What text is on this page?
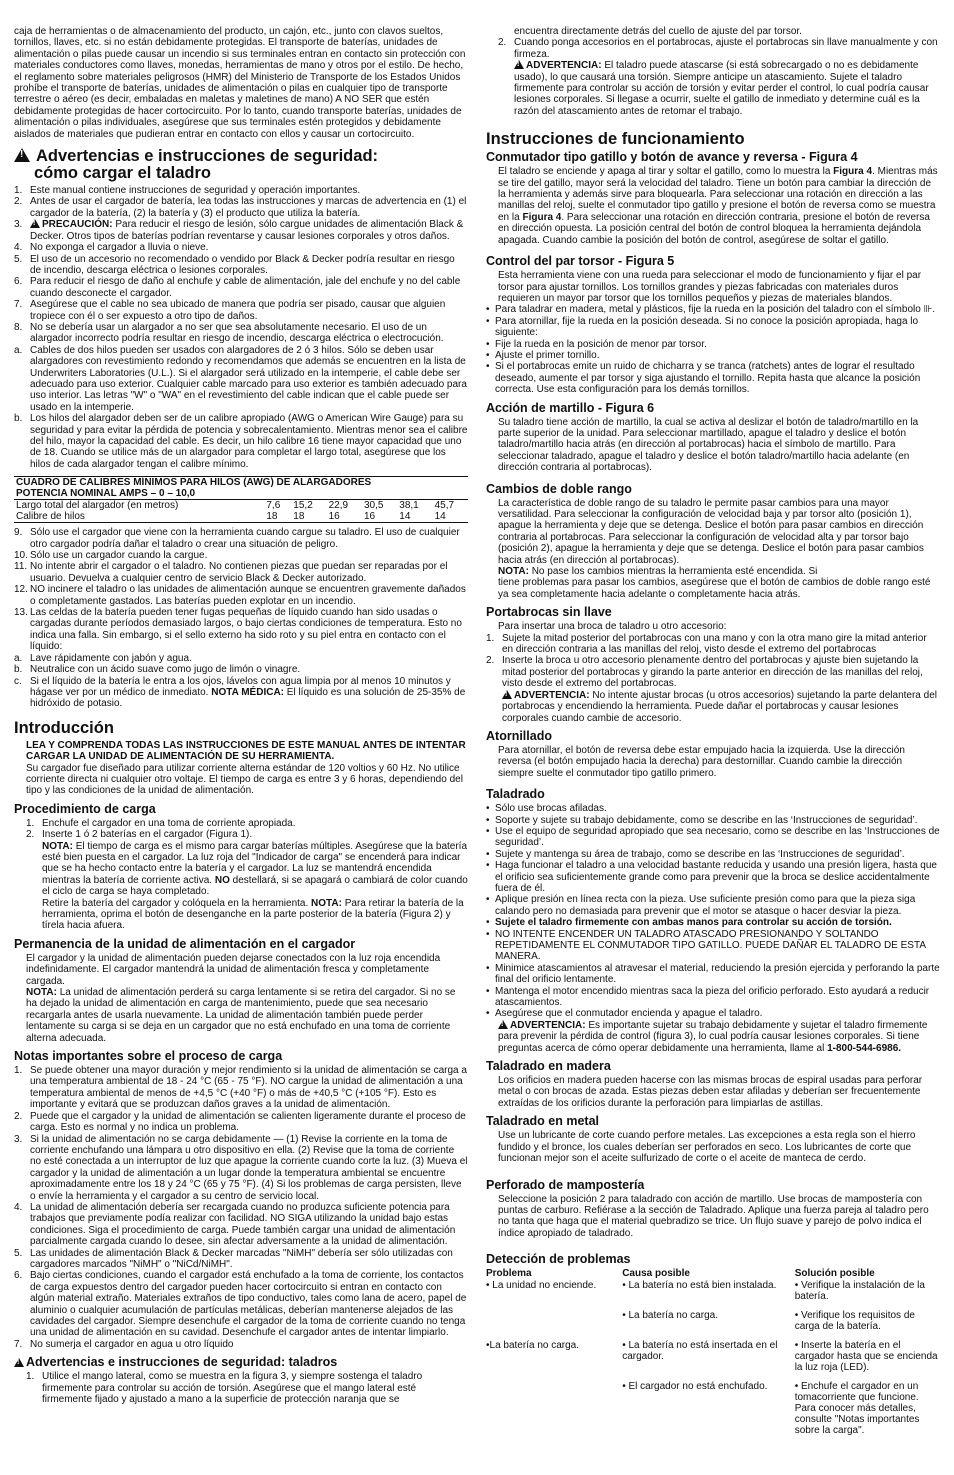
caja de herramientas o de almacenamiento del producto, un cajón, etc., junto con clavos sueltos, tornillos, llaves, etc. si no están debidamente protegidas. El transporte de baterías, unidades de alimentación o pilas puede causar un incendio si sus terminales entran en contacto sin protección con materiales conductores como llaves, monedas, herramientas de mano y otros por el estilo. De hecho, el reglamento sobre materiales peligrosos (HMR) del Ministerio de Transporte de los Estados Unidos prohíbe el transporte de baterías, unidades de alimentación o pilas en cualquier tipo de transporte terrestre o aéreo (es decir, embaladas en maletas y maletines de mano) A NO SER que estén debidamente protegidas de hacer cortocircuito. Por lo tanto, cuando transporte baterías, unidades de alimentación o pilas individuales, asegúrese que sus terminales estén protegidos y debidamente aislados de materiales que pudieran entrar en contacto con ellos y causar un cortocircuito.

! Advertencias e instrucciones de seguridad:
cómo cargar el taladro
1. Este manual contiene instrucciones de seguridad y operación importantes.
2. Antes de usar el cargador de batería, lea todas las instrucciones y marcas de advertencia en (1) el cargador de la batería, (2) la batería y (3) el producto que utiliza la batería.
3. !	PRECAUCIÓN: Para reducir el riesgo de lesión, sólo cargue unidades de alimentación Black & Decker. Otros tipos de baterías podrían reventarse y causar lesiones corporales y otros daños.
4. No exponga el cargador a lluvia o nieve.
5. El uso de un accesorio no recomendado o vendido por Black & Decker podría resultar en riesgo de incendio, descarga eléctrica o lesiones corporales.
6. Para reducir el riesgo de daño al enchufe y cable de alimentación, jale del enchufe y no del cable cuando desconecte el cargador.
7. Asegúrese que el cable no sea ubicado de manera que podría ser pisado, causar que alguien tropiece con él o ser expuesto a otro tipo de daños.
8. No se debería usar un alargador a no ser que sea absolutamente necesario. El uso de un alargador incorrecto podría resultar en riesgo de incendio, descarga eléctrica o electrocución.
a. Cables de dos hilos pueden ser usados con alargadores de 2 ó 3 hilos. Sólo se deben usar alargadores con revestimiento redondo y recomendamos que además se encuentren en la lista de Underwriters Laboratories (U.L.). Si el alargador será utilizado en la intemperie, el cable debe ser adecuado para uso exterior. Cualquier cable marcado para uso exterior es también adecuado para uso interior. Las letras "W" o "WA" en el revestimiento del cable indican que el cable puede ser usado en la intemperie.
b. Los hilos del alargador deben ser de un calibre apropiado (AWG o American Wire Gauge) para su seguridad y para evitar la pérdida de potencia y sobrecalentamiento. Mientras menor sea el calibre del hilo, mayor la capacidad del cable. Es decir, un hilo calibre 16 tiene mayor capacidad que uno de 18. Cuando se utilice más de un alargador para completar el largo total, asegúrese que los hilos de cada alargador tengan el calibre mínimo.
CUADRO DE CALIBRES MÍNIMOS PARA HILOS (AWG) DE ALARGADORES						
POTENCIA NOMINAL AMPS – 0 – 10,0						
Largo total del alargador (en metros)	7,6	15,2	22,9	30,5	38,1	45,7
Calibre de hilos	18	18	16	16	14	14
9. Sólo use el cargador que viene con la herramienta cuando cargue su taladro. El uso de cualquier otro cargador podría dañar el taladro o crear una situación de peligro.
10. Sólo use un cargador cuando la cargue.
11. No intente abrir el cargador o el taladro. No contienen piezas que puedan ser reparadas por el usuario. Devuelva a cualquier centro de servicio Black & Decker autorizado.
12. NO incinere el taladro o las unidades de alimentación aunque se encuentren gravemente dañados o completamente gastados. Las baterías pueden explotar en un incendio.
13. Las celdas de la batería pueden tener fugas pequeñas de líquido cuando han sido usadas o cargadas durante períodos demasiado largos, o bajo ciertas condiciones de temperatura. Esto no indica una falla. Sin embargo, si el sello externo ha sido roto y su piel entra en contacto con el líquido:
a. Lave rápidamente con jabón y agua.
b. Neutralice con un ácido suave como jugo de limón o vinagre.
c. Si el líquido de la batería le entra a los ojos, lávelos con agua limpia por al menos 10 minutos y hágase ver por un médico de inmediato. NOTA MÉDICA: El líquido es una solución de 25-35% de hidróxido de potasio.
Introducción

LEA Y COMPRENDA TODAS LAS INSTRUCCIONES DE ESTE MANUAL ANTES DE INTENTAR CARGAR LA UNIDAD DE ALIMENTACIÓN DE SU HERRAMIENTA.

Su cargador fue diseñado para utilizar corriente alterna estándar de 120 voltios y 60 Hz. No utilice corriente directa ni cualquier otro voltaje. El tiempo de carga es entre 3 y 6 horas, dependiendo del tipo y las condiciones de la unidad de alimentación.

Procedimiento de carga
1. Enchufe el cargador en una toma de corriente apropiada.
2. Inserte 1 ó 2 baterías en el cargador (Figura 1).
NOTA: El tiempo de carga es el mismo para cargar baterías múltiples. Asegúrese que la batería esté bien puesta en el cargador. La luz roja del "Indicador de carga" se encenderá para indicar que se ha hecho contacto entre la batería y el cargador. La luz se mantendrá encendida mientras la batería de corriente activa. NO destellará, si se apagará o cambiará de color cuando el ciclo de carga se haya completado.
Retire la batería del cargador y colóquela en la herramienta. NOTA: Para retirar la batería de la herramienta, oprima el botón de desenganche en la parte posterior de la batería (Figura 2) y tírela hacia afuera.
Permanencia de la unidad de alimentación en el cargador

El cargador y la unidad de alimentación pueden dejarse conectados con la luz roja encendida indefinidamente. El cargador mantendrá la unidad de alimentación fresca y completamente cargada.

NOTA: La unidad de alimentación perderá su carga lentamente si se retira del cargador. Si no se ha dejado la unidad de alimentación en carga de mantenimiento, puede que sea necesario recargarla antes de usarla nuevamente. La unidad de alimentación también puede perder lentamente su carga si se deja en un cargador que no está enchufado en una toma de corriente alterna adecuada.

Notas importantes sobre el proceso de carga
1. Se puede obtener una mayor duración y mejor rendimiento si la unidad de alimentación se carga a una temperatura ambiental de 18 - 24 °C (65 - 75 °F). NO cargue la unidad de alimentación a una temperatura ambiental de menos de +4,5 °C (+40 °F) o más de +40,5 °C (+105 °F). Esto es importante y evitará que se produzcan daños graves a la unidad de alimentación.
2. Puede que el cargador y la unidad de alimentación se calienten ligeramente durante el proceso de carga. Esto es normal y no indica un problema.
3. Si la unidad de alimentación no se carga debidamente — (1) Revise la corriente en la toma de corriente enchufando una lámpara u otro dispositivo en ella. (2) Revise que la toma de corriente no esté conectada a un interruptor de luz que apague la corriente cuando corte la luz. (3) Mueva el cargador y la unidad de alimentación a un lugar donde la temperatura ambiental se encuentre aproximadamente entre los 18 y 24 °C (65 y 75 °F). (4) Si los problemas de carga persisten, lleve o envíe la herramienta y el cargador a su centro de servicio local.
4. La unidad de alimentación debería ser recargada cuando no produzca suficiente potencia para trabajos que previamente podía realizar con facilidad. NO SIGA utilizando la unidad bajo estas condiciones. Siga el procedimiento de carga. Puede también cargar una unidad de alimentación parcialmente cargada cuando lo desee, sin afectar adversamente a la unidad de alimentación.
5. Las unidades de alimentación Black & Decker marcadas "NiMH" debería ser sólo utilizadas con cargadores marcados "NiMH" o "NiCd/NiMH".
6. Bajo ciertas condiciones, cuando el cargador está enchufado a la toma de corriente, los contactos de carga expuestos dentro del cargador pueden hacer cortocircuito si entran en contacto con algún material extraño. Materiales extraños de tipo conductivo, tales como lana de acero, papel de aluminio o cualquier acumulación de partículas metálicas, deberían mantenerse alejados de las cavidades del cargador. Siempre desenchufe el cargador de la toma de corriente cuando no tenga una unidad de alimentación en su cavidad. Desenchufe el cargador antes de intentar limpiarlo.
7. No sumerja el cargador en agua u otro líquido
!Advertencias e instrucciones de seguridad: taladros
1. Utilice el mango lateral, como se muestra en la figura 3, y siempre sostenga el taladro firmemente para controlar su acción de torsión. Asegúrese que el mango lateral esté firmemente fijado y ajustado a mano a la superficie de protección naranja que se

encuentra directamente detrás del cuello de ajuste del par torsor.

2. Cuando ponga accesorios en el portabrocas, ajuste el portabrocas sin llave manualmente y con firmeza.
!ADVERTENCIA: El taladro puede atascarse (si está sobrecargado o no es debidamente usado), lo que causará una torsión. Siempre anticipe un atascamiento. Sujete el taladro firmemente para controlar su acción de torsión y evitar perder el control, lo cual podría causar lesiones corporales. Si llegase a ocurrir, suelte el gatillo de inmediato y determine cuál es la razón del atascamiento antes de retomar el trabajo.
Instrucciones de funcionamiento
Conmutador tipo gatillo y botón de avance y reversa - Figura 4

El taladro se enciende y apaga al tirar y soltar el gatillo, como lo muestra la Figura 4. Mientras más se tire del gatillo, mayor será la velocidad del taladro. Tiene un botón para cambiar la dirección de la herramienta y además sirve para bloquearla. Para seleccionar una rotación en dirección a las manillas del reloj, suelte el conmutador tipo gatillo y presione el botón de reversa como se muestra en la Figura 4. Para seleccionar una rotación en dirección contraria, presione el botón de reversa en dirección opuesta. La posición central del botón de control bloquea la herramienta dejándola apagada. Cuando cambie la posición del botón de control, asegúrese de soltar el gatillo.

Control del par torsor - Figura 5

Esta herramienta viene con una rueda para seleccionar el modo de funcionamiento y fijar el par torsor para ajustar tornillos. Los tornillos grandes y piezas fabricadas con materiales duros requieren un mayor par torsor que los tornillos pequeños y piezas de materiales blandos.

• Para taladrar en madera, metal y plásticos, fije la rueda en la posición del taladro con el símbolo ⊪.
• Para atornillar, fije la rueda en la posición deseada. Si no conoce la posición apropiada, haga lo siguiente:
• Fije la rueda en la posición de menor par torsor.
• Ajuste el primer tornillo.
• Si el portabrocas emite un ruido de chicharra y se tranca (ratchets) antes de lograr el resultado deseado, aumente el par torsor y siga ajustando el tornillo. Repita hasta que alcance la posición correcta. Use esta configuración para los demás tornillos.
Acción de martillo - Figura 6

Su taladro tiene acción de martillo, la cual se activa al deslizar el botón de taladro/martillo en la parte superior de la unidad. Para seleccionar martillado, apague el taladro y deslice el botón taladro/martillo hacia atrás (en dirección al portabrocas) hacia el símbolo de martillo. Para seleccionar taladrado, apague el taladro y deslice el botón taladro/martillo hacia adelante (en dirección contraria al portabrocas).

Cambios de doble rango

La característica de doble rango de su taladro le permite pasar cambios para una mayor versatilidad. Para seleccionar la configuración de velocidad baja y par torsor alto (posición 1), apague la herramienta y deje que se detenga. Deslice el botón para pasar cambios en dirección contraria al portabrocas. Para seleccionar la configuración de velocidad alta y par torsor bajo (posición 2), apague la herramienta y deje que se detenga. Deslice el botón para pasar cambios hacia atrás (en dirección al portabrocas).
NOTA: No pase los cambios mientras la herramienta esté encendida. Si
tiene problemas para pasar los cambios, asegúrese que el botón de cambios de doble rango esté ya sea completamente hacia adelante o completamente hacia atrás.

Portabrocas sin llave

Para insertar una broca de taladro u otro accesorio:

1. Sujete la mitad posterior del portabrocas con una mano y con la otra mano gire la mitad anterior en dirección contraria a las manillas del reloj, visto desde el extremo del portabrocas
2. Inserte la broca u otro accesorio plenamente dentro del portabrocas y ajuste bien sujetando la mitad posterior del portabrocas y girando la parte anterior en dirección de las manillas del reloj, visto desde el extremo del portabrocas.
!ADVERTENCIA: No intente ajustar brocas (u otros accesorios) sujetando la parte delantera del portabrocas y encendiendo la herramienta. Puede dañar el portabrocas y causar lesiones corporales cuando cambie de accesorio.
Atornillado

Para atornillar, el botón de reversa debe estar empujado hacia la izquierda. Use la dirección reversa (el botón empujado hacia la derecha) para destornillar. Cuando cambie la dirección siempre suelte el conmutador tipo gatillo primero.

Taladrado
• Sólo use brocas afiladas.
• Soporte y sujete su trabajo debidamente, como se describe en las ‘Instrucciones de seguridad’.
• Use el equipo de seguridad apropiado que sea necesario, como se describe en las ‘Instrucciones de seguridad’.
• Sujete y mantenga su área de trabajo, como se describe en las ‘Instrucciones de seguridad’.
• Haga funcionar el taladro a una velocidad bastante reducida y usando una presión ligera, hasta que el orificio sea suficientemente grande como para prevenir que la broca se deslice accidentalmente fuera de él.
• Aplique presión en línea recta con la pieza. Use suficiente presión como para que la pieza siga calando pero no demasiada para prevenir que el motor se atasque o hacer desviar la pieza.
• Sujete el taladro firmemente con ambas manos para controlar su acción de torsión.
• NO INTENTE ENCENDER UN TALADRO ATASCADO PRESIONANDO Y SOLTANDO REPETIDAMENTE EL CONMUTADOR TIPO GATILLO. PUEDE DAÑAR EL TALADRO DE ESTA MANERA.
• Minimice atascamientos al atravesar el material, reduciendo la presión ejercida y perforando la parte final del orificio lentamente.
• Mantenga el motor encendido mientras saca la pieza del orificio perforado. Esto ayudará a reducir atascamientos.
• Asegúrese que el conmutador encienda y apague el taladro.

!ADVERTENCIA: Es importante sujetar su trabajo debidamente y sujetar el taladro firmemente para prevenir la pérdida de control (figura 3), lo cual podría causar lesiones corporales. Si tiene preguntas acerca de cómo operar debidamente una herramienta, llame al 1-800-544-6986.

Taladrado en madera

Los orificios en madera pueden hacerse con las mismas brocas de espiral usadas para perforar metal o con brocas de azada. Estas piezas deben estar afiladas y deberían ser frecuentemente extraídas de los orificios durante la perforación para limpiarlas de astillas.

Taladrado en metal

Use un lubricante de corte cuando perfore metales. Las excepciones a esta regla son el hierro fundido y el bronce, los cuales deberían ser perforados en seco. Los lubricantes de corte que funcionan mejor son el aceite sulfurizado de corte o el aceite de manteca de cerdo.

Perforado de mampostería

Seleccione la posición 2 para taladrado con acción de martillo. Use brocas de mampostería con puntas de carburo. Refiérase a la sección de Taladrado. Aplique una fuerza pareja al taladro pero no tanta que haga que el material quebradizo se trice. Un flujo suave y parejo de polvo indica el índice apropiado de taladrado.

Detección de problemas
Problema	Causa posible	Solución posible
• La unidad no enciende.	• La batería no está bien instalada.	• Verifique la instalación de la batería.
	• La batería no carga.	• Verifique los requisitos de carga de la batería.
•La batería no carga.	• La batería no está insertada en el cargador.	• Inserte la batería en el cargador hasta que se encienda la luz roja (LED).
	• El cargador no está enchufado.	• Enchufe el cargador en un tomacorriente que funcione. Para conocer más detalles, consulte "Notas importantes sobre la carga".
